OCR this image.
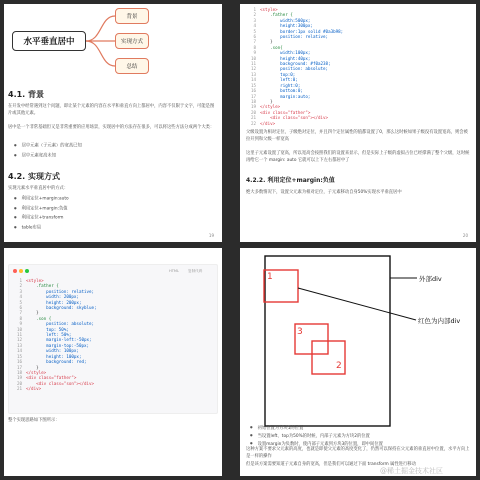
水平垂直居中
背景
实现方式
总结
4.1. 背景
在开发中经常遇到这个问题，即让某个元素的内容在水平和垂直方向上都居中，内容不仅限于文字，可能是图片或其他元素。
居中是一个非常基础但又是非常重要的应用场景，实现居中的方法存在很多，可以将这些方法分成两个大类：
● 居中元素（子元素）的宽高已知
● 居中元素宽高未知
4.2. 实现方式
实现元素水平垂直居中的方式：
● 利用定位+margin:auto
● 利用定位+margin:负值
● 利用定位+transform
● table布局
19
1
2
3
4
5
6
7
8
9
10
11
12
13
14
15
16
17
18
19
20
21
22
<style>
.father {
width:500px;
height:300px;
border:1px solid #0a3b98;
position: relative;
}
.son{
width:100px;
height:40px;
background: #f0a238;
position: absolute;
top:0;
left:0;
right:0;
bottom:0;
margin:auto;
}
</style>
<div class="father">
<div class="son"></div>
</div>
父级设置为相对定位，子级绝对定位，并且四个定位属性的值都设置了0，那么这时候如果子级没有设置宽高，则会被拉开到和父级一样宽高
这里子元素设置了宽高，所以宽高会按照我们的设置来显示，但是实际上子级的虚拟占位已经撑满了整个父级，这时候再给它一个 margin: auto 它就可以上下左右都居中了
4.2.2. 利用定位+margin:负值
绝大多数情况下，设置父元素为相对定位，子元素移动自身50%实现水平垂直居中
20
HTML 复制代码
1
2
3
4
5
6
7
8
9
10
11
12
13
14
15
16
17
18
19
20
21
<style>
.father {
position: relative;
width: 200px;
height: 200px;
background: skyblue;
}
.son {
position: absolute;
top: 50%;
left: 50%;
margin-left:-50px;
margin-top:-50px;
width: 100px;
height: 100px;
background: red;
}
</style>
<div class="father">
<div class="son"></div>
</div>
整个实现思路如下图所示：
1
3
2
外部div
红色为内部div
● 初始位置为方块1的位置
● 当设置left、top为50%的时候，内部子元素为方块2的位置
● 设置margin为负数时，使内部子元素到方块3的位置，即中间位置
这种方案不要求父元素的高度，也就是即使父元素的高度变化了，仍然可以保持在父元素的垂直居中位置，水平方向上是一样的操作
但是该方案需要知道子元素自身的宽高，但是我们可以通过下面 transform 属性进行移动
@稀土掘金技术社区
